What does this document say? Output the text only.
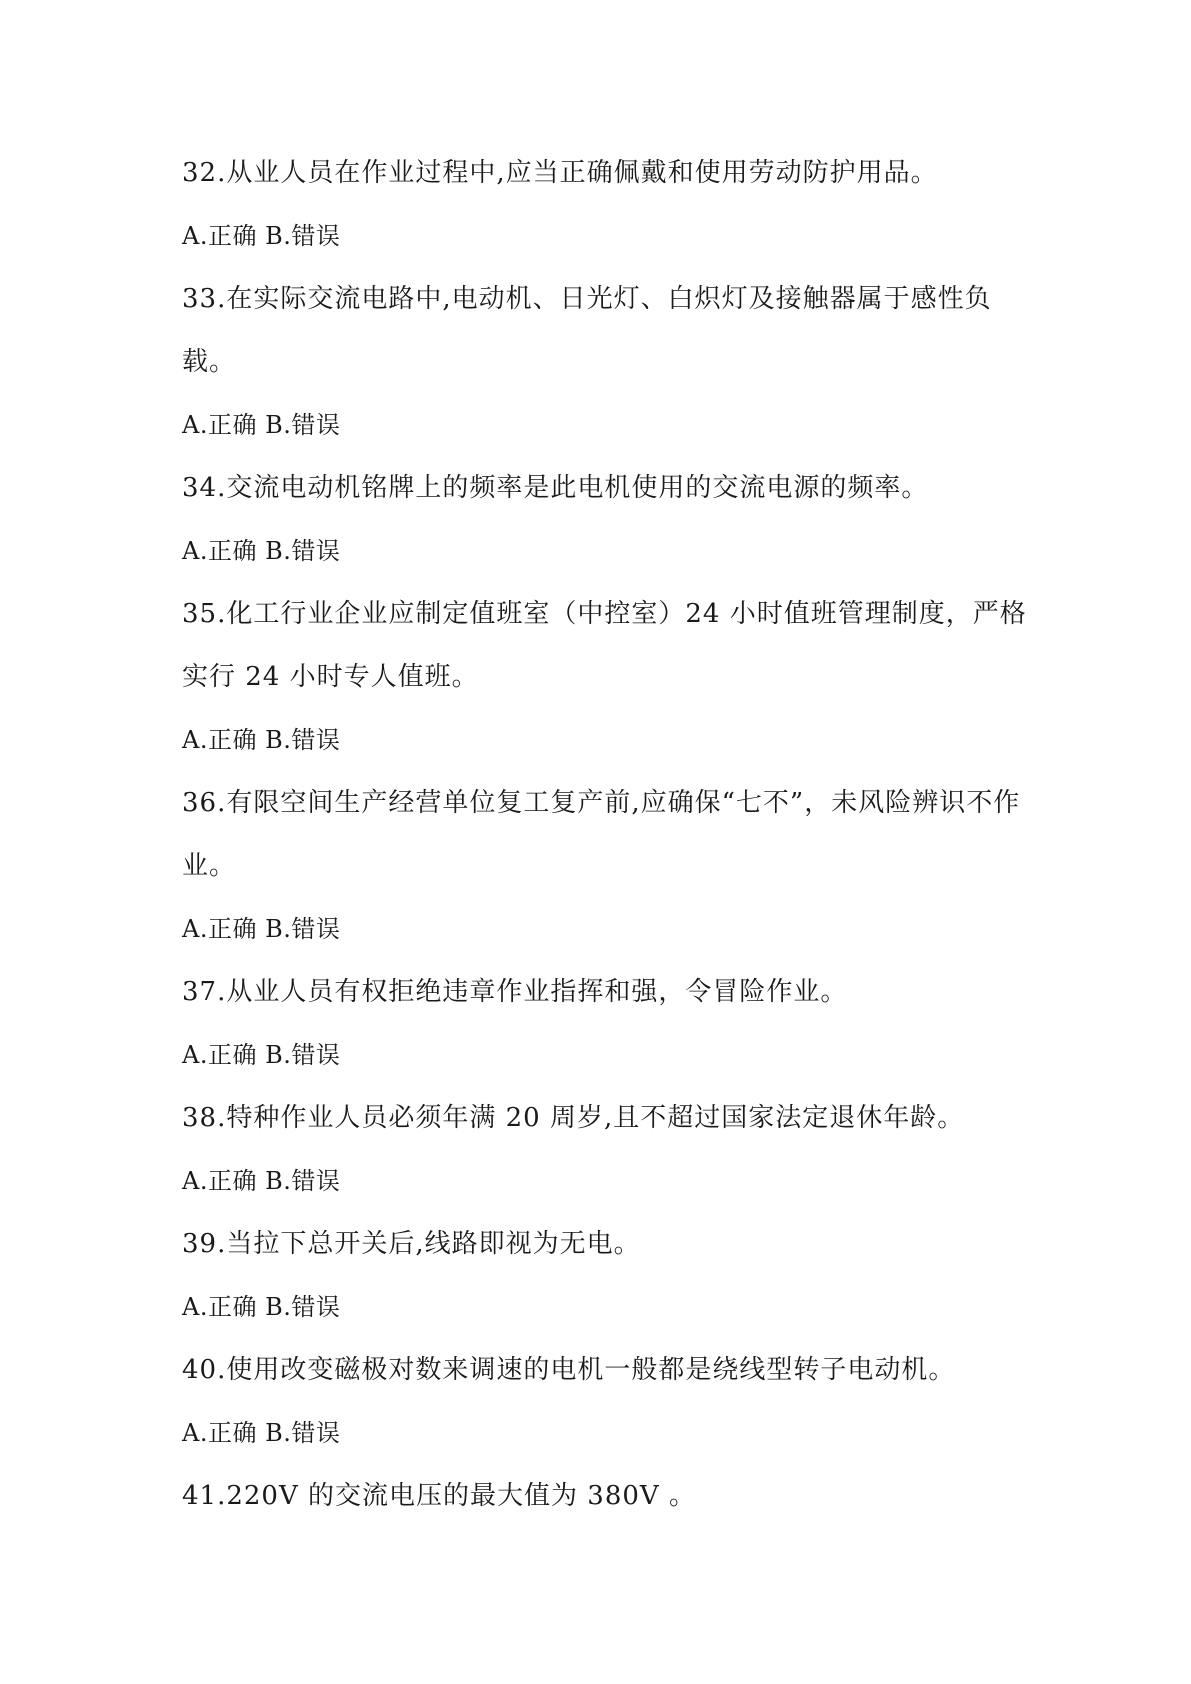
32.从业人员在作业过程中,应当正确佩戴和使用劳动防护用品。
A.正确 B.错误
33.在实际交流电路中,电动机、日光灯、白炽灯及接触器属于感性负
载。
A.正确 B.错误
34.交流电动机铭牌上的频率是此电机使用的交流电源的频率。
A.正确 B.错误
35.化工行业企业应制定值班室（中控室）24 小时值班管理制度，严格
实行 24 小时专人值班。
A.正确 B.错误
36.有限空间生产经营单位复工复产前,应确保“七不”，未风险辨识不作
业。
A.正确 B.错误
37.从业人员有权拒绝违章作业指挥和强，令冒险作业。
A.正确 B.错误
38.特种作业人员必须年满 20 周岁,且不超过国家法定退休年龄。
A.正确 B.错误
39.当拉下总开关后,线路即视为无电。
A.正确 B.错误
40.使用改变磁极对数来调速的电机一般都是绕线型转子电动机。
A.正确 B.错误
41.220V 的交流电压的最大值为 380V 。
